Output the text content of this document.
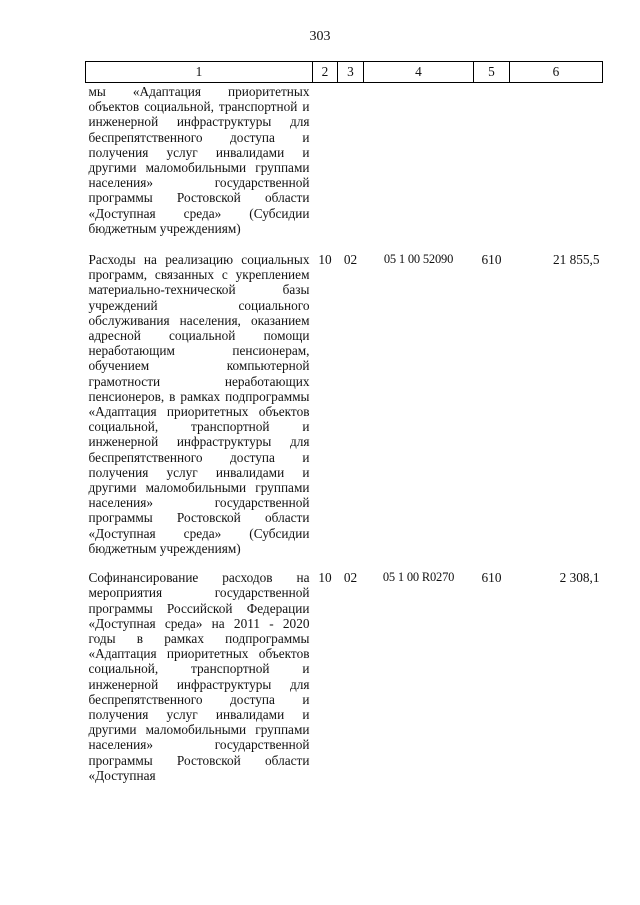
303
1	2	3	4	5	6
мы «Адаптация приоритетных объектов социальной, транспортной и инженерной инфраструктуры для беспрепятственного доступа и получения услуг инвалидами и другими маломобильными группами населения» государственной программы Ростовской области «Доступная среда» (Субсидии бюджетным учреждениям)					
Расходы на реализацию социальных программ, связанных с укреплением материально-технической базы учреждений социального обслуживания населения, оказанием адресной социальной помощи неработающим пенсионерам, обучением компьютерной грамотности неработающих пенсионеров, в рамках подпрограммы «Адаптация приоритетных объектов социальной, транспортной и инженерной инфраструктуры для беспрепятственного доступа и получения услуг инвалидами и другими маломобильными группами населения» государственной программы Ростовской области «Доступная среда» (Субсидии бюджетным учреждениям)	10	02	05 1 00 52090	610	21 855,5
Софинансирование расходов на мероприятия государственной программы Российской Федерации «Доступная среда» на 2011 - 2020 годы в рамках подпрограммы «Адаптация приоритетных объектов социальной, транспортной и инженерной инфраструктуры для беспрепятственного доступа и получения услуг инвалидами и другими маломобильными группами населения» государственной программы Ростовской области «Доступная	10	02	05 1 00 R0270	610	2 308,1
